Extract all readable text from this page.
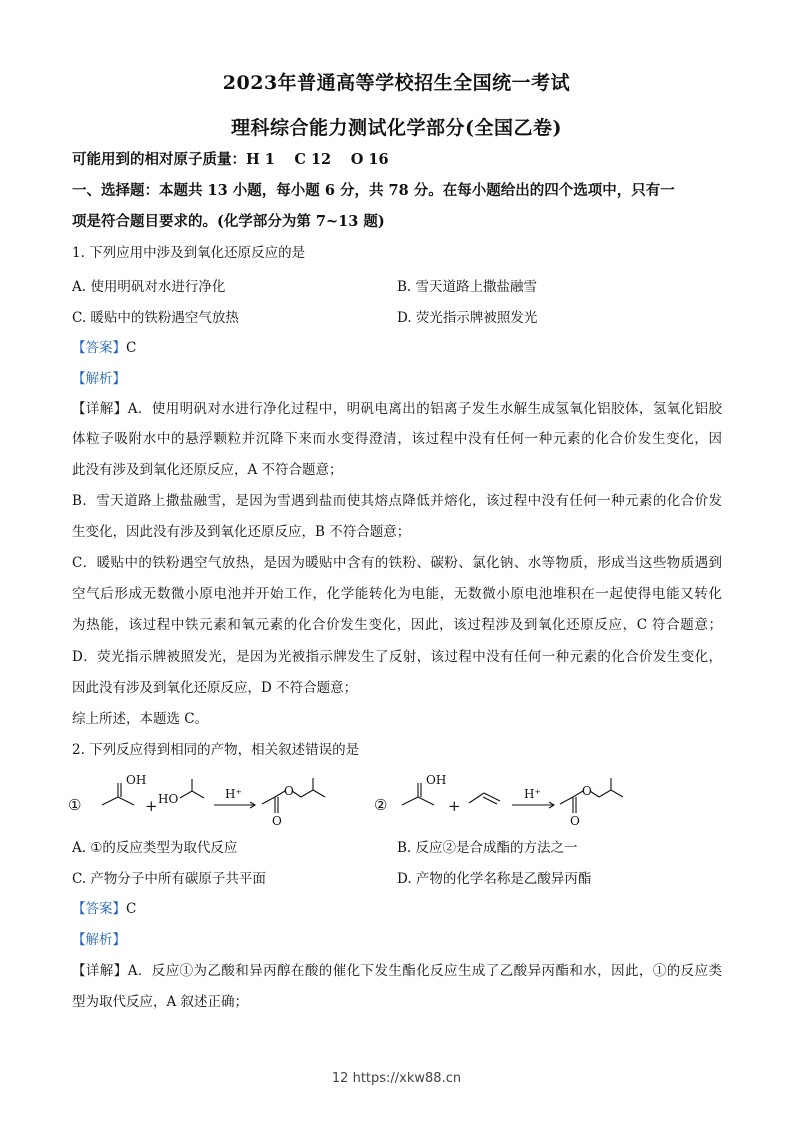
2023年普通高等学校招生全国统一考试
理科综合能力测试化学部分(全国乙卷)
可能用到的相对原子质量：H 1　 C 12　 O 16
一、选择题：本题共 13 小题，每小题 6 分，共 78 分。在每小题给出的四个选项中，只有一
项是符合题目要求的。(化学部分为第 7~13 题)
1. 下列应用中涉及到氧化还原反应的是
A. 使用明矾对水进行净化	B. 雪天道路上撒盐融雪
C. 暖贴中的铁粉遇空气放热	D. 荧光指示牌被照发光
【答案】C
【解析】
【详解】A．使用明矾对水进行净化过程中，明矾电离出的铝离子发生水解生成氢氧化铝胶体，氢氧化铝胶
体粒子吸附水中的悬浮颗粒并沉降下来而水变得澄清，该过程中没有任何一种元素的化合价发生变化，因
此没有涉及到氧化还原反应，A 不符合题意；
B．雪天道路上撒盐融雪，是因为雪遇到盐而使其熔点降低并熔化，该过程中没有任何一种元素的化合价发
生变化，因此没有涉及到氧化还原反应，B 不符合题意；
C．暖贴中的铁粉遇空气放热，是因为暖贴中含有的铁粉、碳粉、氯化钠、水等物质，形成当这些物质遇到
空气后形成无数微小原电池并开始工作，化学能转化为电能，无数微小原电池堆积在一起使得电能又转化
为热能，该过程中铁元素和氧元素的化合价发生变化，因此，该过程涉及到氧化还原反应，C 符合题意；
D．荧光指示牌被照发光，是因为光被指示牌发生了反射，该过程中没有任何一种元素的化合价发生变化，
因此没有涉及到氧化还原反应，D 不符合题意；
综上所述，本题选 C。
2. 下列反应得到相同的产物，相关叙述错误的是
①
OH
+ HO	H⁺	O
O
②
OH
+
H⁺	O
O
A. ①的反应类型为取代反应	B. 反应②是合成酯的方法之一
C. 产物分子中所有碳原子共平面	D. 产物的化学名称是乙酸异丙酯
【答案】C
【解析】
【详解】A．反应①为乙酸和异丙醇在酸的催化下发生酯化反应生成了乙酸异丙酯和水，因此，①的反应类
型为取代反应，A 叙述正确；
12 https://xkw88.cn
